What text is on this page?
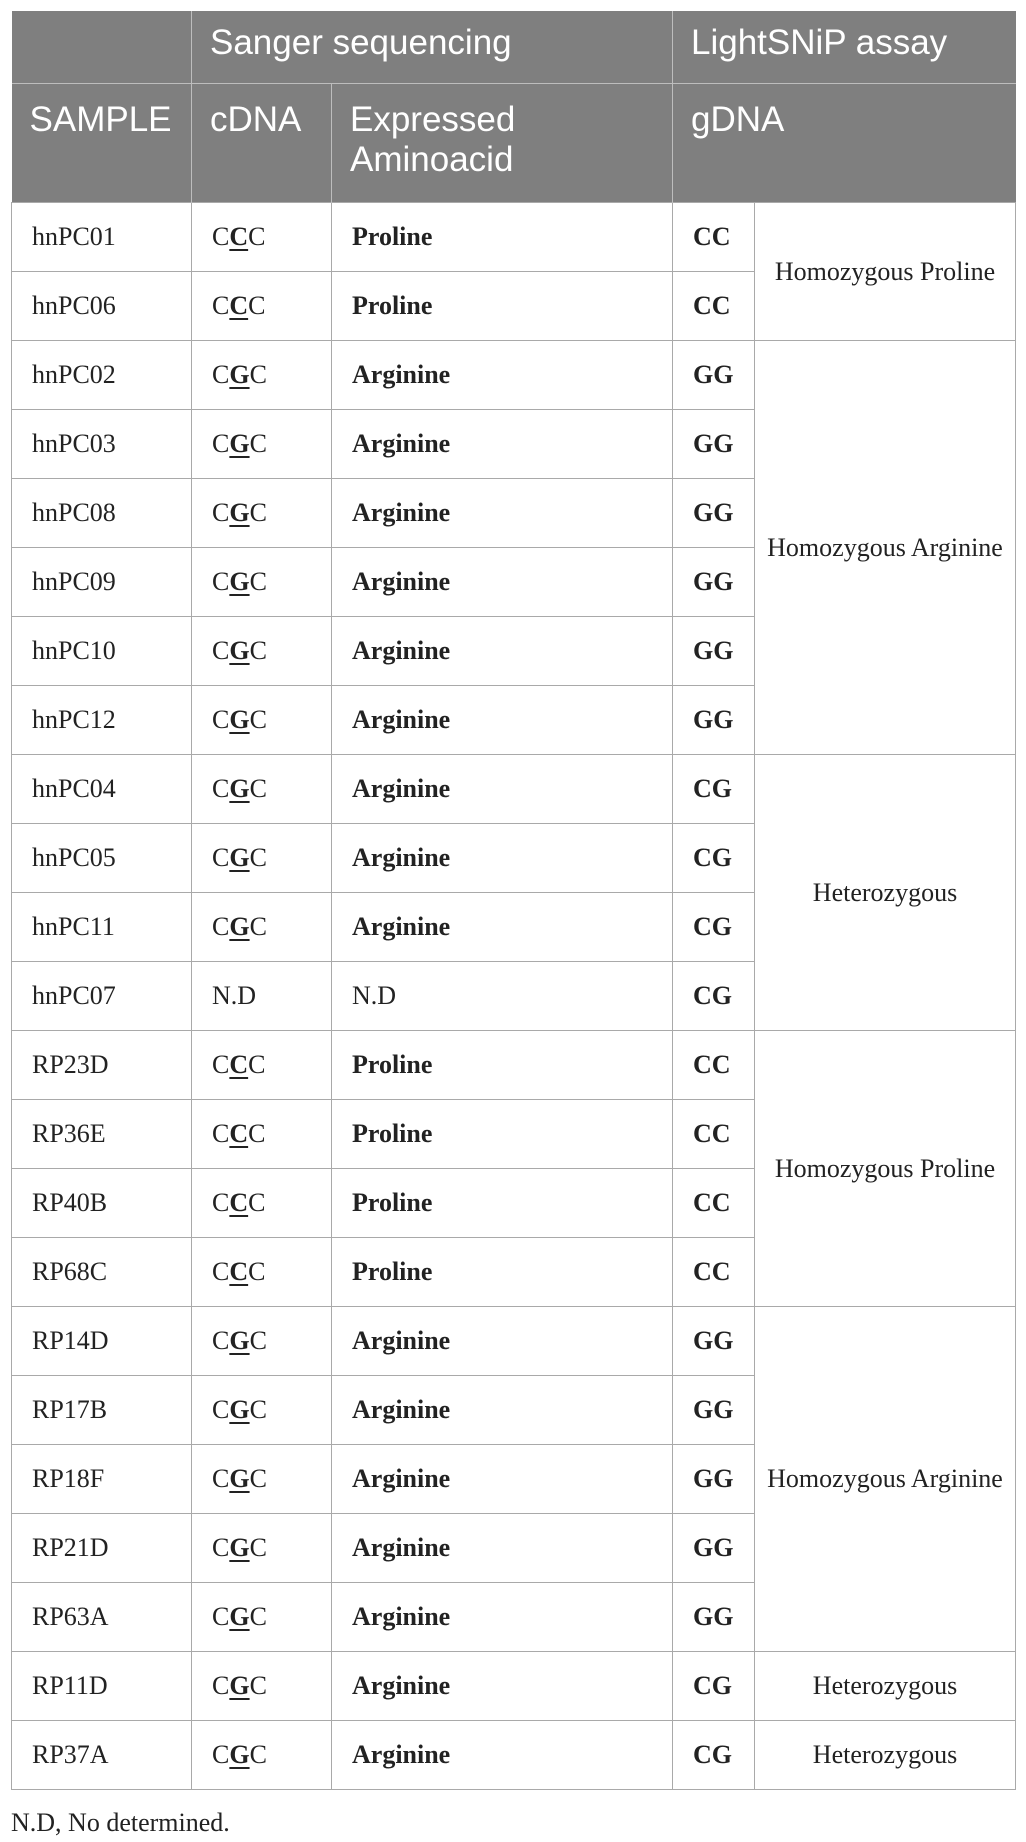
	Sanger sequencing		LightSNiP assay	
SAMPLE	cDNA	Expressed Aminoacid	gDNA	
hnPC01	CCC	Proline	CC	Homozygous Proline
hnPC06	CCC	Proline	CC	
hnPC02	CGC	Arginine	GG	Homozygous Arginine
hnPC03	CGC	Arginine	GG	
hnPC08	CGC	Arginine	GG	
hnPC09	CGC	Arginine	GG	
hnPC10	CGC	Arginine	GG	
hnPC12	CGC	Arginine	GG	
hnPC04	CGC	Arginine	CG	Heterozygous
hnPC05	CGC	Arginine	CG	
hnPC11	CGC	Arginine	CG	
hnPC07	N.D	N.D	CG	
RP23D	CCC	Proline	CC	Homozygous Proline
RP36E	CCC	Proline	CC	
RP40B	CCC	Proline	CC	
RP68C	CCC	Proline	CC	
RP14D	CGC	Arginine	GG	Homozygous Arginine
RP17B	CGC	Arginine	GG	
RP18F	CGC	Arginine	GG	
RP21D	CGC	Arginine	GG	
RP63A	CGC	Arginine	GG	
RP11D	CGC	Arginine	CG	Heterozygous
RP37A	CGC	Arginine	CG	Heterozygous
N.D, No determined.
